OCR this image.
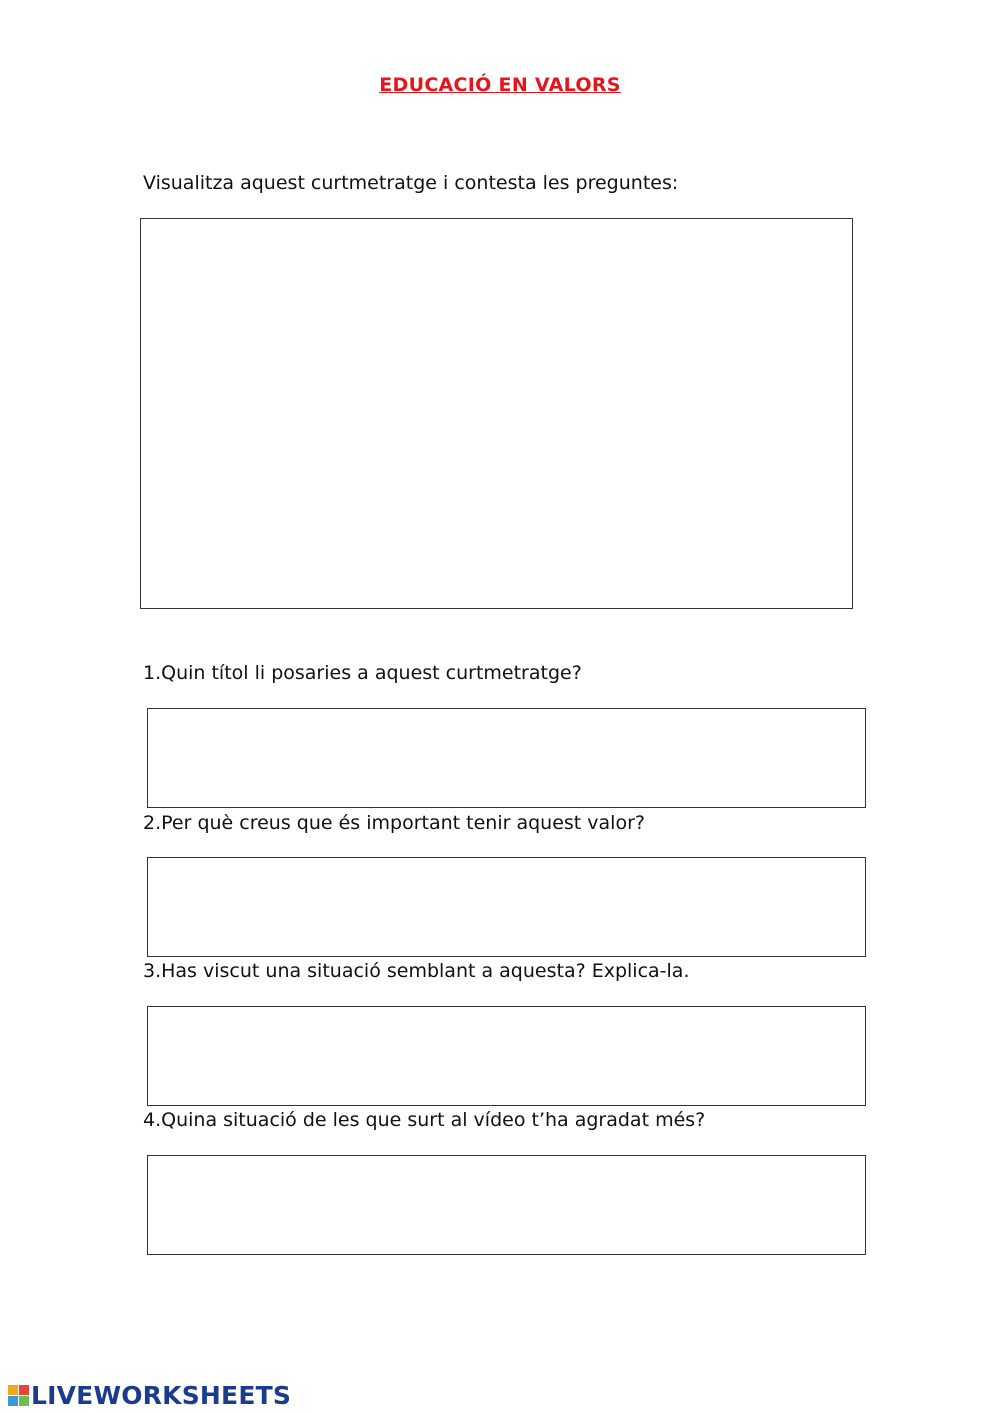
EDUCACIÓ EN VALORS
Visualitza aquest curtmetratge i contesta les preguntes:
1.Quin títol li posaries a aquest curtmetratge?
2.Per què creus que és important tenir aquest valor?
3.Has viscut una situació semblant a aquesta? Explica-la.
4.Quina situació de les que surt al vídeo t’ha agradat més?
LIVEWORKSHEETS
